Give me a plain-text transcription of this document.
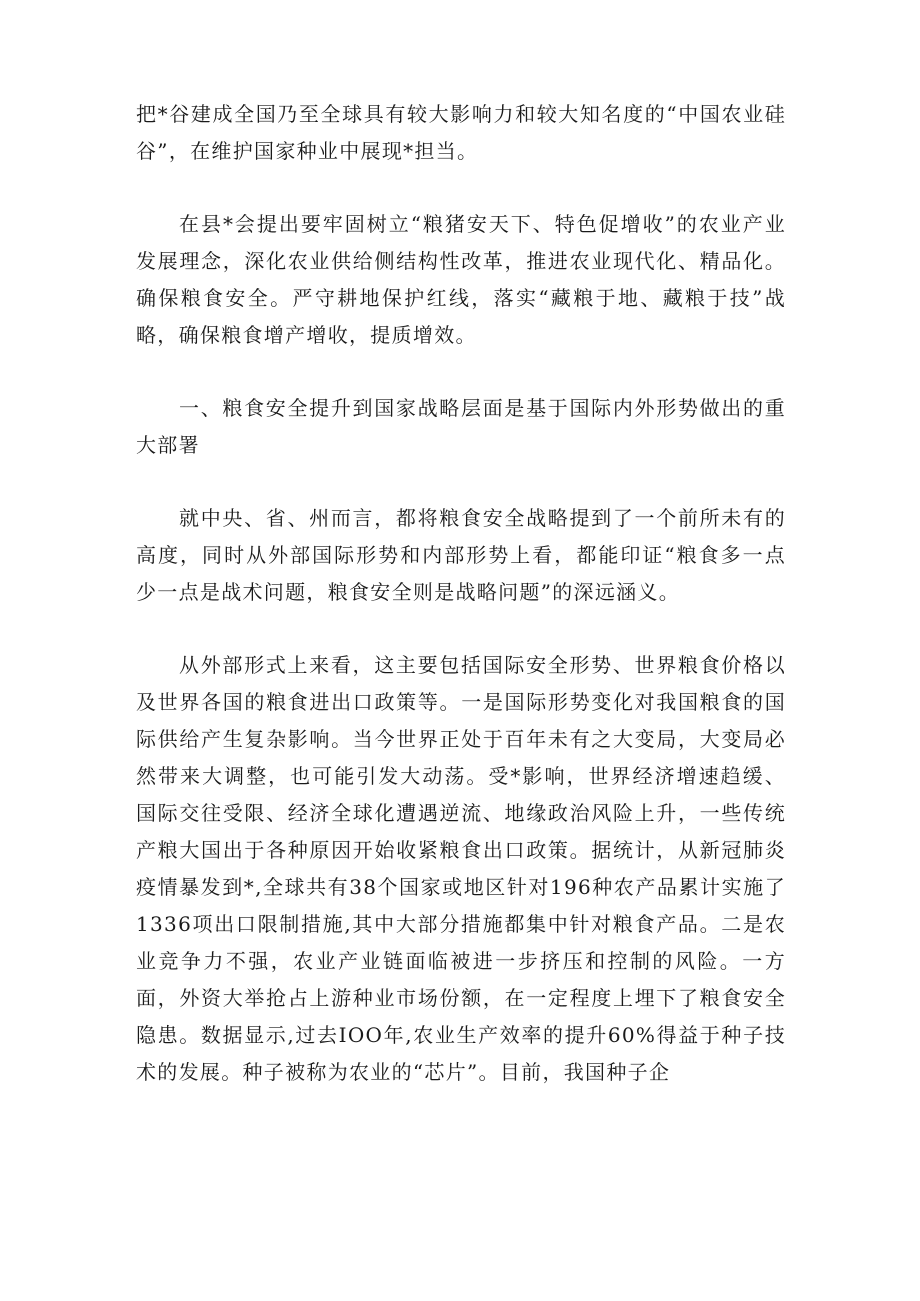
把*谷建成全国乃至全球具有较大影响力和较大知名度的“中国农业硅谷”，在维护国家种业中展现*担当。

在县*会提出要牢固树立“粮猪安天下、特色促增收”的农业产业发展理念，深化农业供给侧结构性改革，推进农业现代化、精品化。确保粮食安全。严守耕地保护红线，落实“藏粮于地、藏粮于技”战略，确保粮食增产增收，提质增效。

一、粮食安全提升到国家战略层面是基于国际内外形势做出的重大部署

就中央、省、州而言，都将粮食安全战略提到了一个前所未有的高度，同时从外部国际形势和内部形势上看，都能印证“粮食多一点少一点是战术问题，粮食安全则是战略问题”的深远涵义。

从外部形式上来看，这主要包括国际安全形势、世界粮食价格以及世界各国的粮食进出口政策等。一是国际形势变化对我国粮食的国际供给产生复杂影响。当今世界正处于百年未有之大变局，大变局必然带来大调整，也可能引发大动荡。受*影响，世界经济增速趋缓、国际交往受限、经济全球化遭遇逆流、地缘政治风险上升，一些传统产粮大国出于各种原因开始收紧粮食出口政策。据统计，从新冠肺炎疫情暴发到*,全球共有38个国家或地区针对196种农产品累计实施了1336项出口限制措施,其中大部分措施都集中针对粮食产品。二是农业竞争力不强，农业产业链面临被进一步挤压和控制的风险。一方面，外资大举抢占上游种业市场份额，在一定程度上埋下了粮食安全隐患。数据显示,过去IOO年,农业生产效率的提升60%得益于种子技术的发展。种子被称为农业的“芯片”。目前，我国种子企
